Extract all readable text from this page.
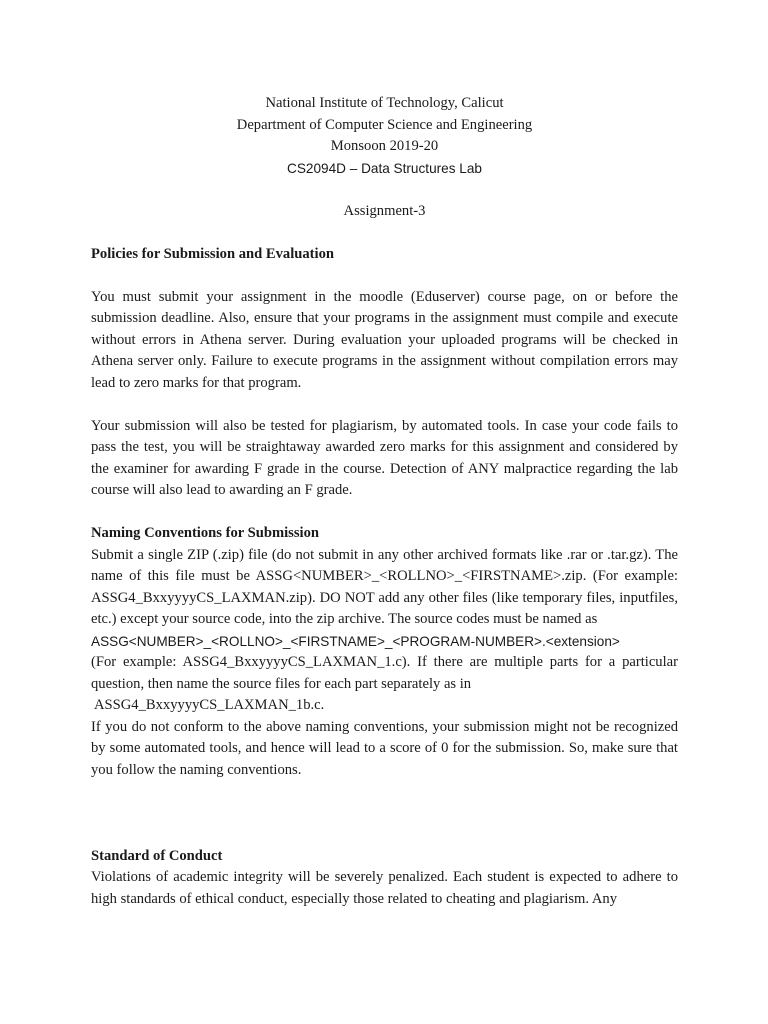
National Institute of Technology, Calicut

Department of Computer Science and Engineering

Monsoon 2019-20

CS2094D – Data Structures Lab

Assignment-3

Policies for Submission and Evaluation

You must submit your assignment in the moodle (Eduserver) course page, on or before the submission deadline. Also, ensure that your programs in the assignment must compile and execute without errors in Athena server. During evaluation your uploaded programs will be checked in Athena server only. Failure to execute programs in the assignment without compilation errors may lead to zero marks for that program.

Your submission will also be tested for plagiarism, by automated tools. In case your code fails to pass the test, you will be straightaway awarded zero marks for this assignment and considered by the examiner for awarding F grade in the course. Detection of ANY malpractice regarding the lab course will also lead to awarding an F grade.

Naming Conventions for Submission

Submit a single ZIP (.zip) file (do not submit in any other archived formats like .rar or .tar.gz). The name of this file must be ASSG<NUMBER>_<ROLLNO>_<FIRSTNAME>.zip. (For example: ASSG4_BxxyyyyCS_LAXMAN.zip). DO NOT add any other files (like temporary files, inputfiles, etc.) except your source code, into the zip archive. The source codes must be named as

ASSG<NUMBER>_<ROLLNO>_<FIRSTNAME>_<PROGRAM-NUMBER>.<extension>

(For example: ASSG4_BxxyyyyCS_LAXMAN_1.c). If there are multiple parts for a particular question, then name the source files for each part separately as in

ASSG4_BxxyyyyCS_LAXMAN_1b.c.

If you do not conform to the above naming conventions, your submission might not be recognized by some automated tools, and hence will lead to a score of 0 for the submission. So, make sure that you follow the naming conventions.

Standard of Conduct

Violations of academic integrity will be severely penalized. Each student is expected to adhere to high standards of ethical conduct, especially those related to cheating and plagiarism. Any
